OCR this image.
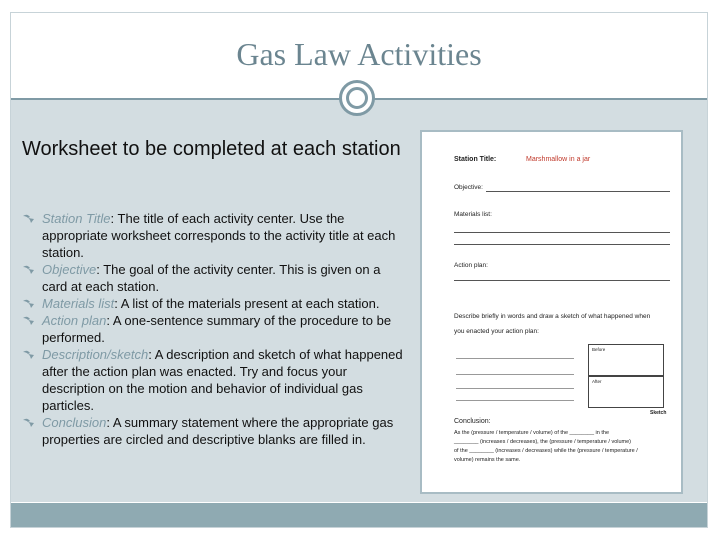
Gas Law Activities
Worksheet to be completed at each station
Station Title: The title of each activity center. Use the appropriate worksheet corresponds to the activity title at each station.
Objective: The goal of the activity center. This is given on a card at each station.
Materials list: A list of the materials present at each station.
Action plan: A one-sentence summary of the procedure to be performed.
Description/sketch: A description and sketch of what happened after the action plan was enacted. Try and focus your description on the motion and behavior of individual gas particles.
Conclusion: A summary statement where the appropriate gas properties are circled and descriptive blanks are filled in.
Station Title:	Marshmallow in a jar
Objective:
Materials list:
Action plan:
Describe briefly in words and draw a sketch of what happened when
you enacted your action plan:
Before
After
Sketch
Conclusion:
As the (pressure / temperature / volume) of the ________ in the
________ (increases / decreases), the (pressure / temperature / volume)
of the ________ (increases / decreases) while the (pressure / temperature /
volume) remains the same.
